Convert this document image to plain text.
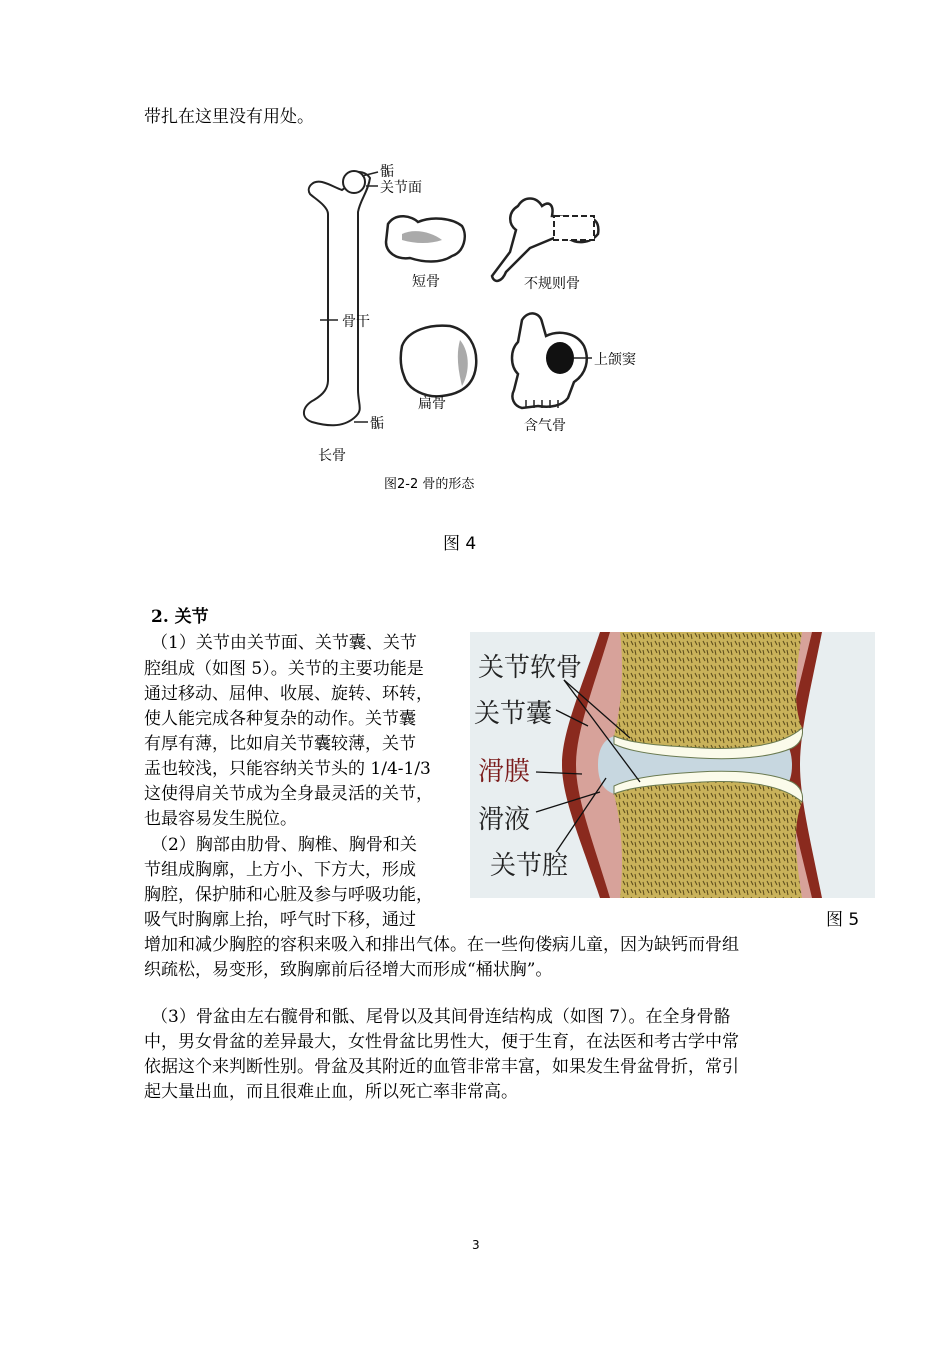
带扎在这里没有用处。
骺
关节面
骨干
骺
长骨
短骨	不规则骨
扁骨
上颌窦
含气骨
图2-2 骨的形态
图 4
2. 关节
（1）关节由关节面、关节囊、关节
腔组成（如图 5）。关节的主要功能是
通过移动、屈伸、收展、旋转、环转，
使人能完成各种复杂的动作。关节囊
有厚有薄，比如肩关节囊较薄，关节
盂也较浅，只能容纳关节头的 1/4-1/3
这使得肩关节成为全身最灵活的关节，
也最容易发生脱位。
（2）胸部由肋骨、胸椎、胸骨和关
节组成胸廓，上方小、下方大，形成
胸腔，保护肺和心脏及参与呼吸功能，
吸气时胸廓上抬，呼气时下移，通过
增加和减少胸腔的容积来吸入和排出气体。在一些佝偻病儿童，因为缺钙而骨组
织疏松，易变形，致胸廓前后径增大而形成“桶状胸”。
关节软骨
关节囊
滑膜
滑液
关节腔
图 5
（3）骨盆由左右髋骨和骶、尾骨以及其间骨连结构成（如图 7）。在全身骨骼
中，男女骨盆的差异最大，女性骨盆比男性大，便于生育，在法医和考古学中常
依据这个来判断性别。骨盆及其附近的血管非常丰富，如果发生骨盆骨折，常引
起大量出血，而且很难止血，所以死亡率非常高。
3
